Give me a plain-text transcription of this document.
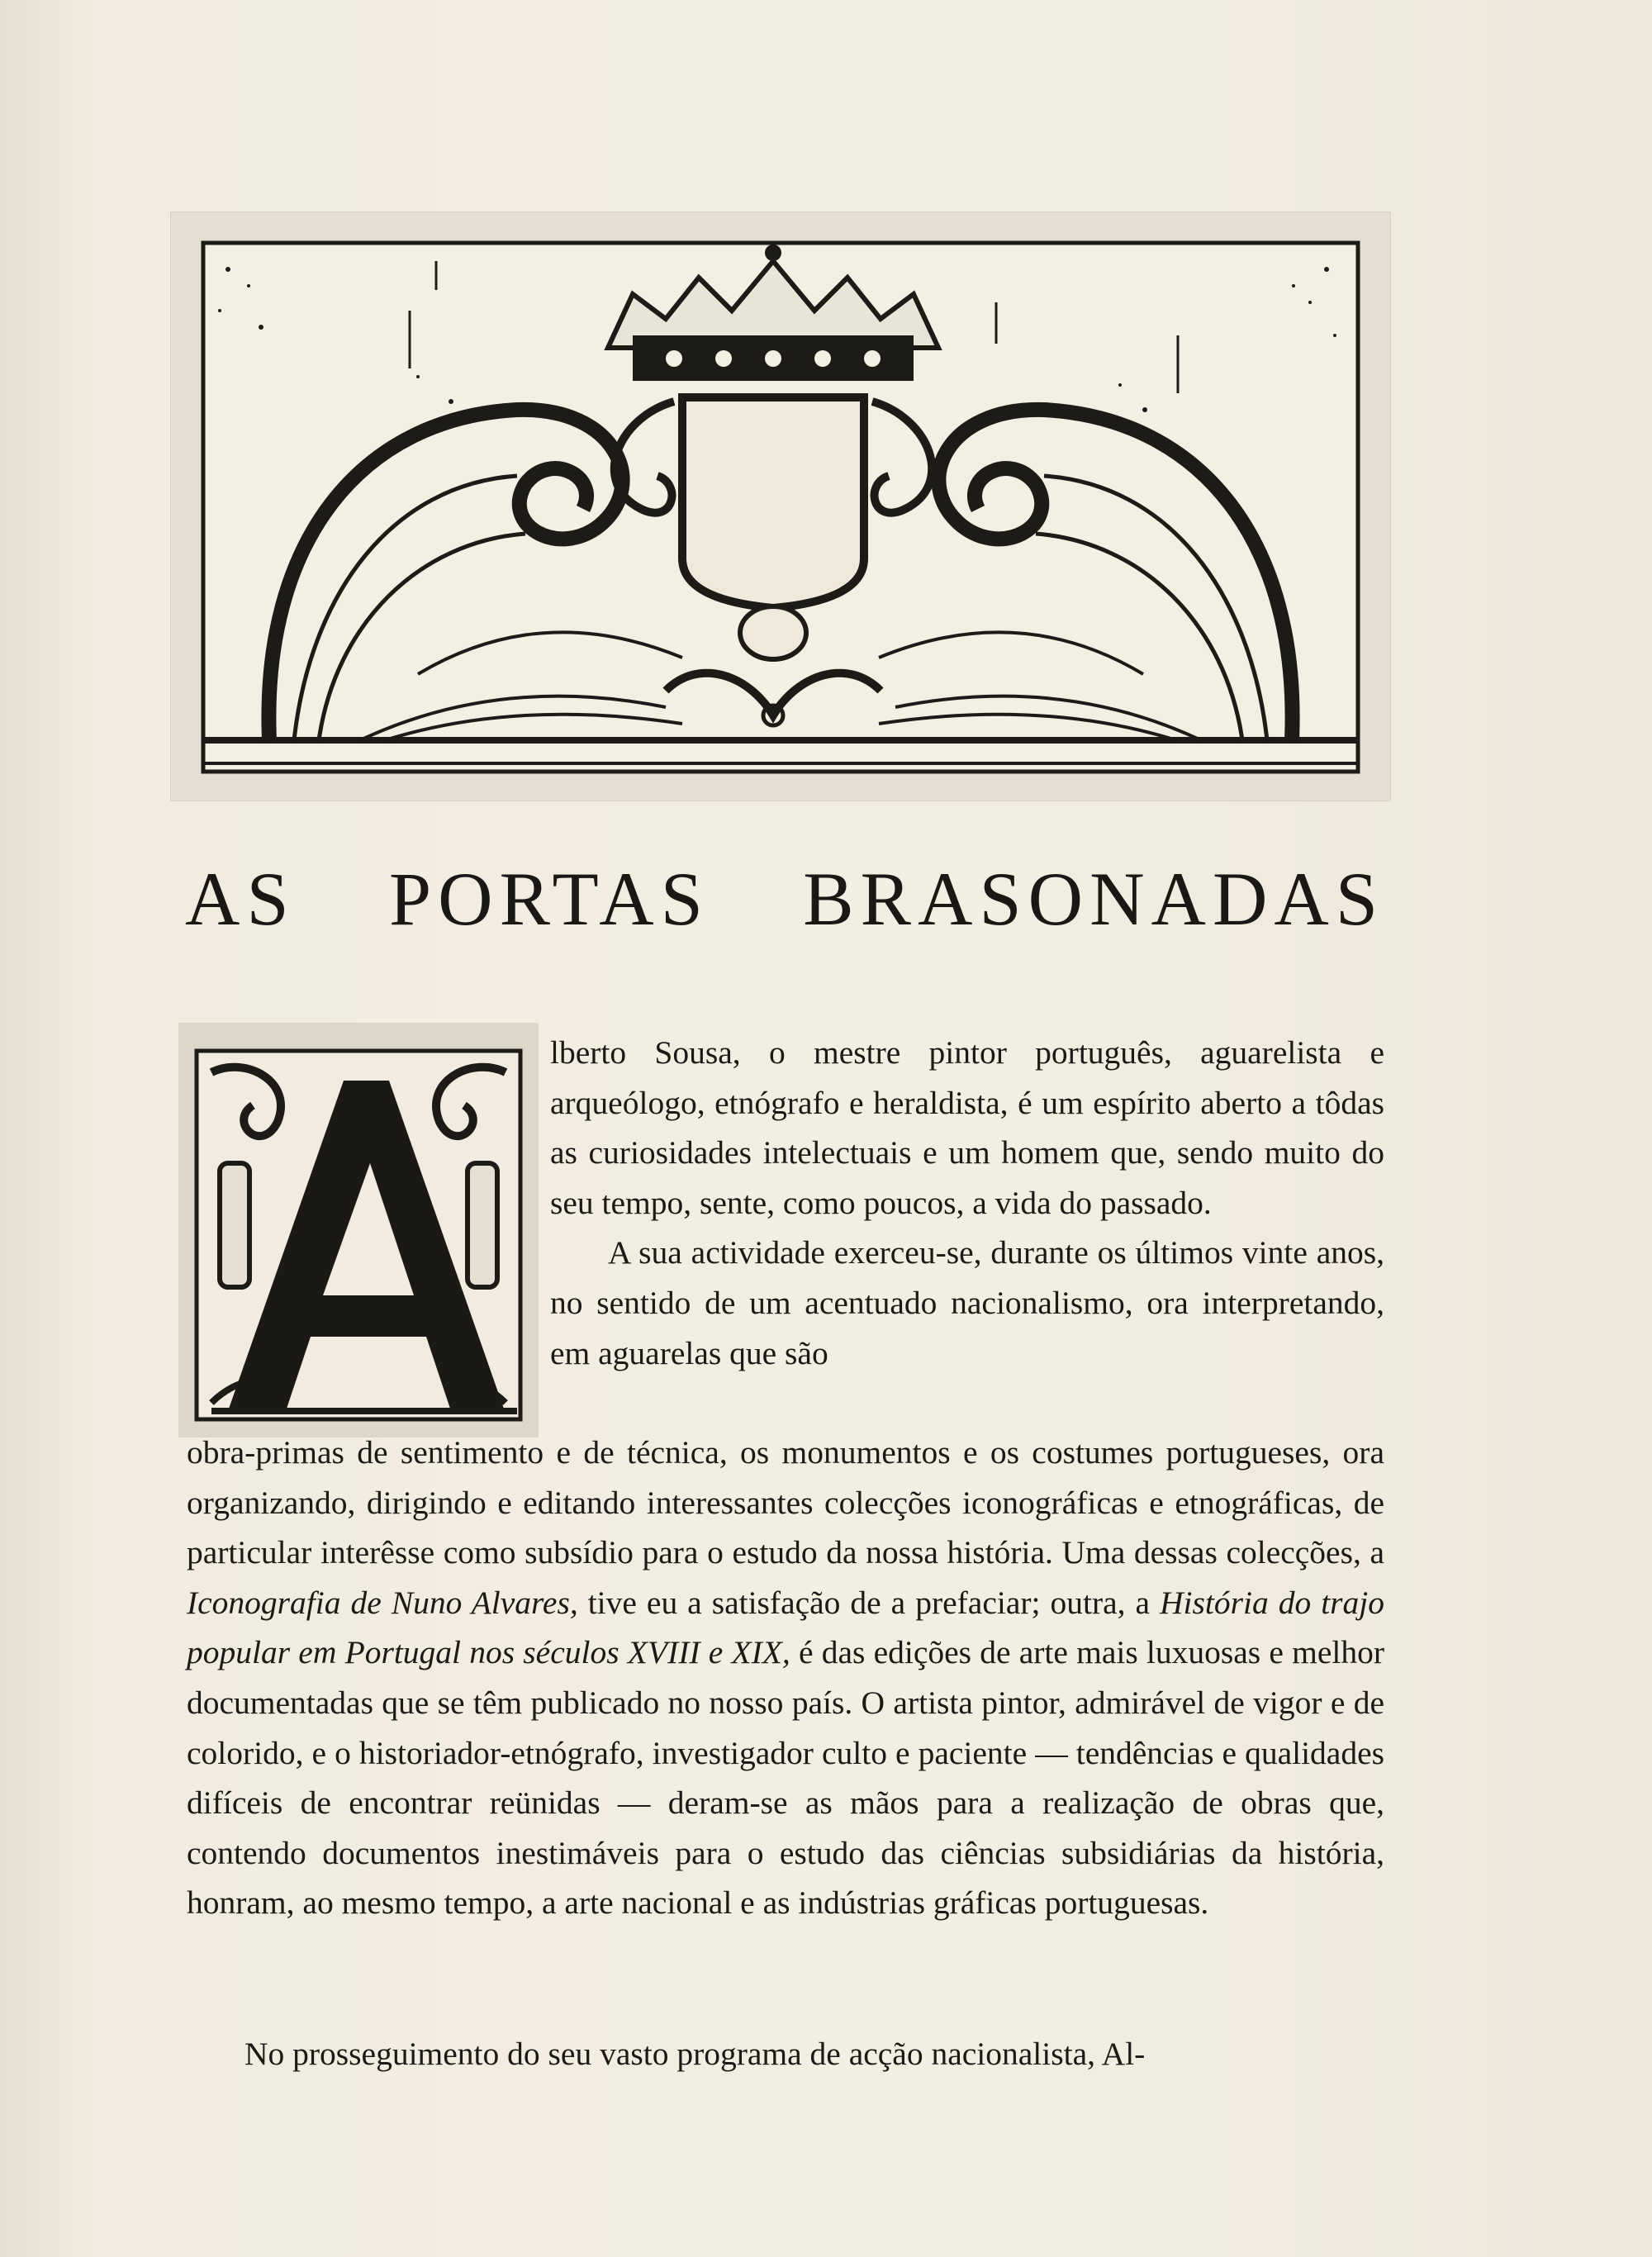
AS PORTAS BRASONADAS

lberto Sousa, o mestre pintor português, aguarelista e arqueólogo, etnógrafo e heraldista, é um espírito aberto a tôdas as curiosidades intelectuais e um homem que, sendo muito do seu tempo, sente, como poucos, a vida do passado.
A sua actividade exerceu-se, durante os últimos vinte anos, no sentido de um acentuado nacionalismo, ora interpretando, em aguarelas que são

obra-primas de sentimento e de técnica, os monumentos e os costumes portugueses, ora organizando, dirigindo e editando interessantes colecções iconográficas e etnográficas, de particular interêsse como subsídio para o estudo da nossa história. Uma dessas colecções, a Iconografia de Nuno Alvares, tive eu a satisfação de a prefaciar; outra, a História do trajo popular em Portugal nos séculos XVIII e XIX, é das edições de arte mais luxuosas e melhor documentadas que se têm publicado no nosso país. O artista pintor, admirável de vigor e de colorido, e o historiador-etnógrafo, investigador culto e paciente — tendências e qualidades difíceis de encontrar reünidas — deram-se as mãos para a realização de obras que, contendo documentos inestimáveis para o estudo das ciências subsidiárias da história, honram, ao mesmo tempo, a arte nacional e as indústrias gráficas portuguesas.

No prosseguimento do seu vasto programa de acção nacionalista, Al-
